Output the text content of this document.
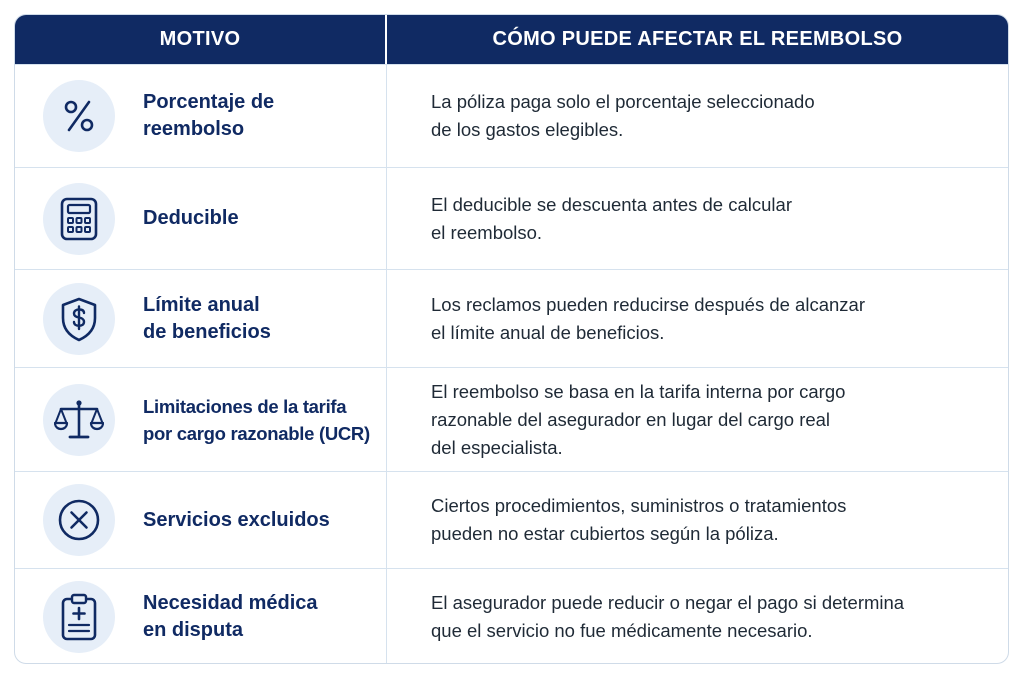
MOTIVO	CÓMO PUEDE AFECTAR EL REEMBOLSO
Porcentaje de
reembolso
La póliza paga solo el porcentaje seleccionado
de los gastos elegibles.
Deducible
El deducible se descuenta antes de calcular
el reembolso.
Límite anual
de beneficios
Los reclamos pueden reducirse después de alcanzar
el límite anual de beneficios.
Limitaciones de la tarifa
por cargo razonable (UCR)
El reembolso se basa en la tarifa interna por cargo
razonable del asegurador en lugar del cargo real
del especialista.
Servicios excluidos
Ciertos procedimientos, suministros o tratamientos
pueden no estar cubiertos según la póliza.
Necesidad médica
en disputa
El asegurador puede reducir o negar el pago si determina
que el servicio no fue médicamente necesario.
